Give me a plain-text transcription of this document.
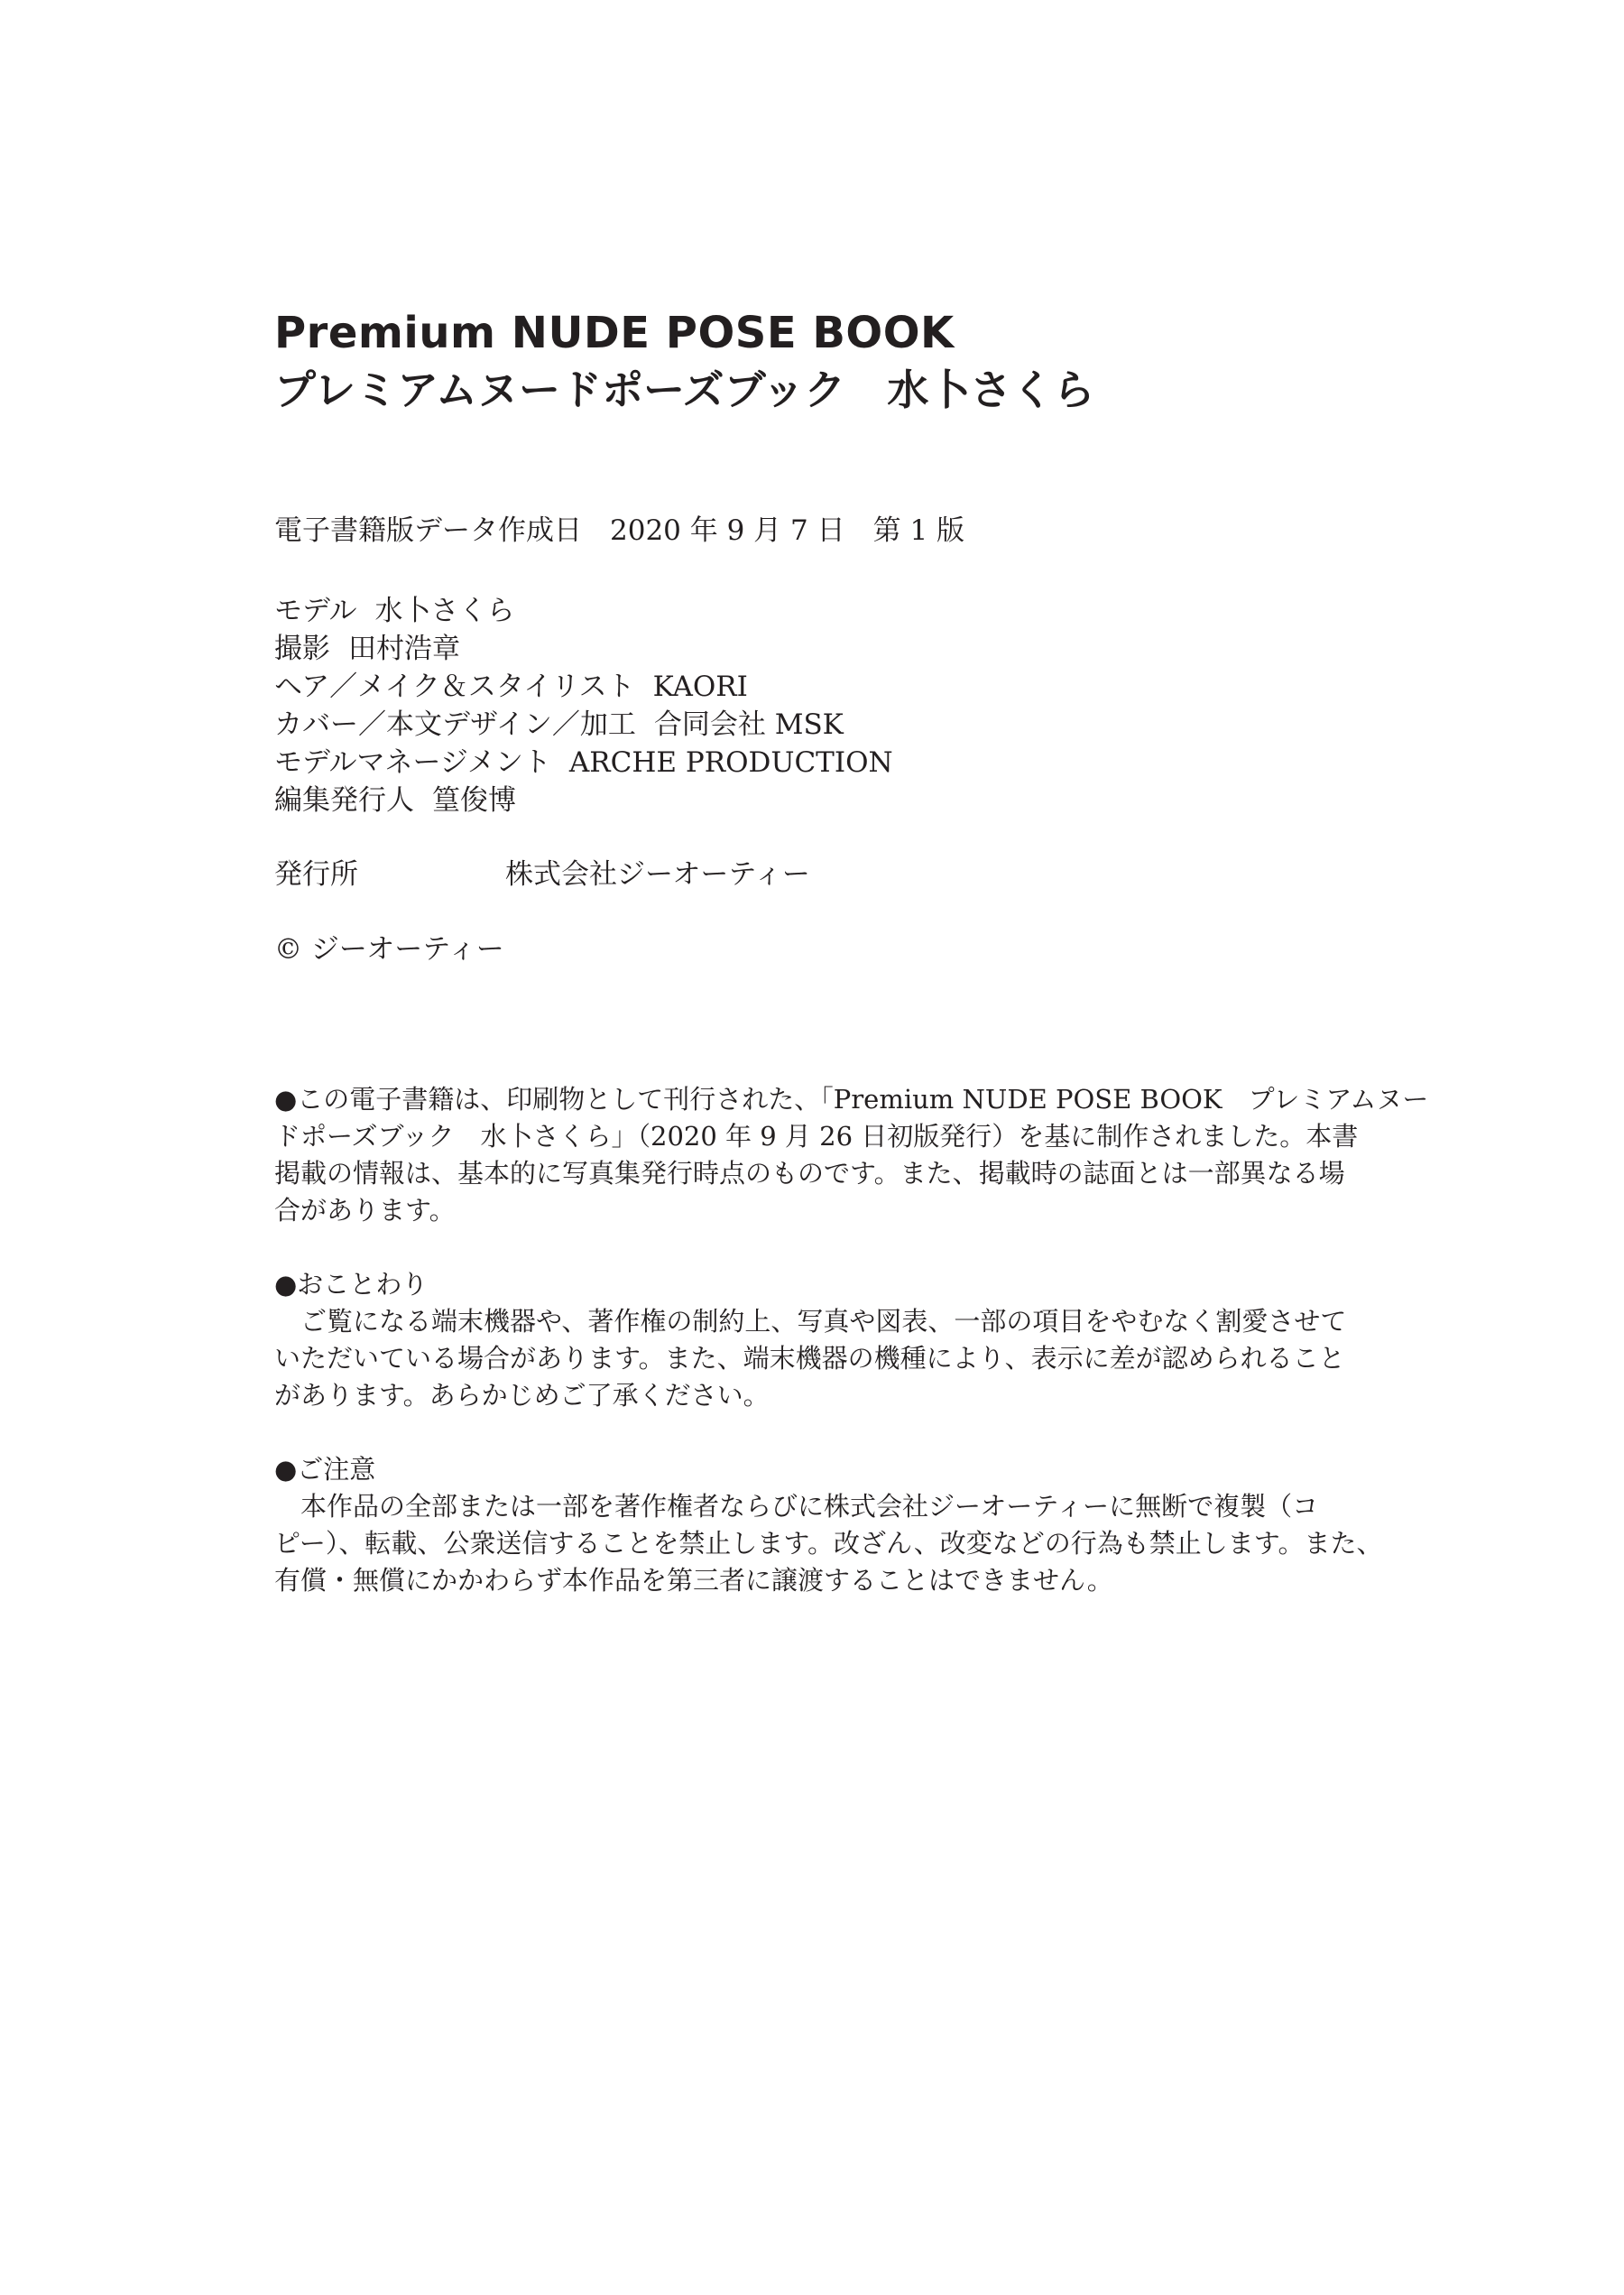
Premium NUDE POSE BOOK
プレミアムヌードポーズブック　水卜さくら
電子書籍版データ作成日　2020 年 9 月 7 日　第 1 版
モデル 水卜さくら
撮影 田村浩章
ヘア／メイク＆スタイリスト KAORI
カバー／本文デザイン／加工 合同会社 MSK
モデルマネージメント ARCHE PRODUCTION
編集発行人 篁俊博
発行所	株式会社ジーオーティー
© ジーオーティー

●この電子書籍は、印刷物として刊行された、「Premium NUDE POSE BOOK　プレミアムヌー

ドポーズブック　水卜さくら」（2020 年 9 月 26 日初版発行）を基に制作されました。本書

掲載の情報は、基本的に写真集発行時点のものです。また、掲載時の誌面とは一部異なる場

合があります。

●おことわり

　ご覧になる端末機器や、著作権の制約上、写真や図表、一部の項目をやむなく割愛させて

いただいている場合があります。また、端末機器の機種により、表示に差が認められること

があります。あらかじめご了承ください。

●ご注意

　本作品の全部または一部を著作権者ならびに株式会社ジーオーティーに無断で複製（コ

ピー）、転載、公衆送信することを禁止します。改ざん、改変などの行為も禁止します。また、

有償・無償にかかわらず本作品を第三者に譲渡することはできません。
